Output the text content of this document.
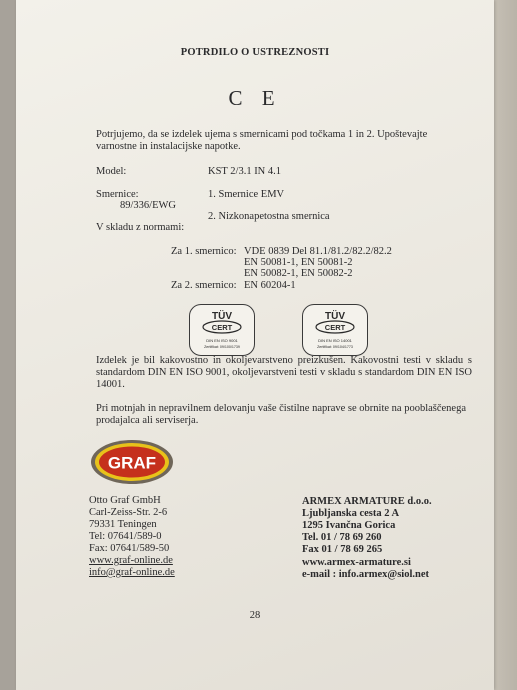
POTRDILO O USTREZNOSTI
C E
Potrjujemo, da se izdelek ujema s smernicami pod točkama 1 in 2. Upoštevajte varnostne in instalacijske napotke.
Model:	KST 2/3.1 IN 4.1
Smernice:	1. Smernice EMV
89/336/EWG
2. Nizkonapetostna smernica
V skladu z normami:
Za 1. smernico: VDE 0839 Del 81.1/81.2/82.2/82.2
EN 50081-1, EN 50081-2
EN 50082-1, EN 50082-2
Za 2. smernico: EN 60204-1
TÜV
CERT
DIN EN ISO 9001
Zertifikat: 09/100/1739
TÜV
CERT
DIN EN ISO 14001
Zertifikat: 09/104/1773
Izdelek je bil kakovostno in okoljevarstveno preizkušen. Kakovostni testi v skladu s standardom DIN EN ISO 9001, okoljevarstveni testi v skladu s standardom DIN EN ISO 14001.
Pri motnjah in nepravilnem delovanju vaše čistilne naprave se obrnite na pooblaščenega prodajalca ali serviserja.
GRAF
Otto Graf GmbH
Carl-Zeiss-Str. 2-6
79331 Teningen
Tel: 07641/589-0
Fax: 07641/589-50
www.graf-online.de
info@graf-online.de
ARMEX ARMATURE d.o.o.
Ljubljanska cesta 2 A
1295 Ivančna Gorica
Tel. 01 / 78 69 260
Fax 01 / 78 69 265
www.armex-armature.si
e-mail : info.armex@siol.net
28
